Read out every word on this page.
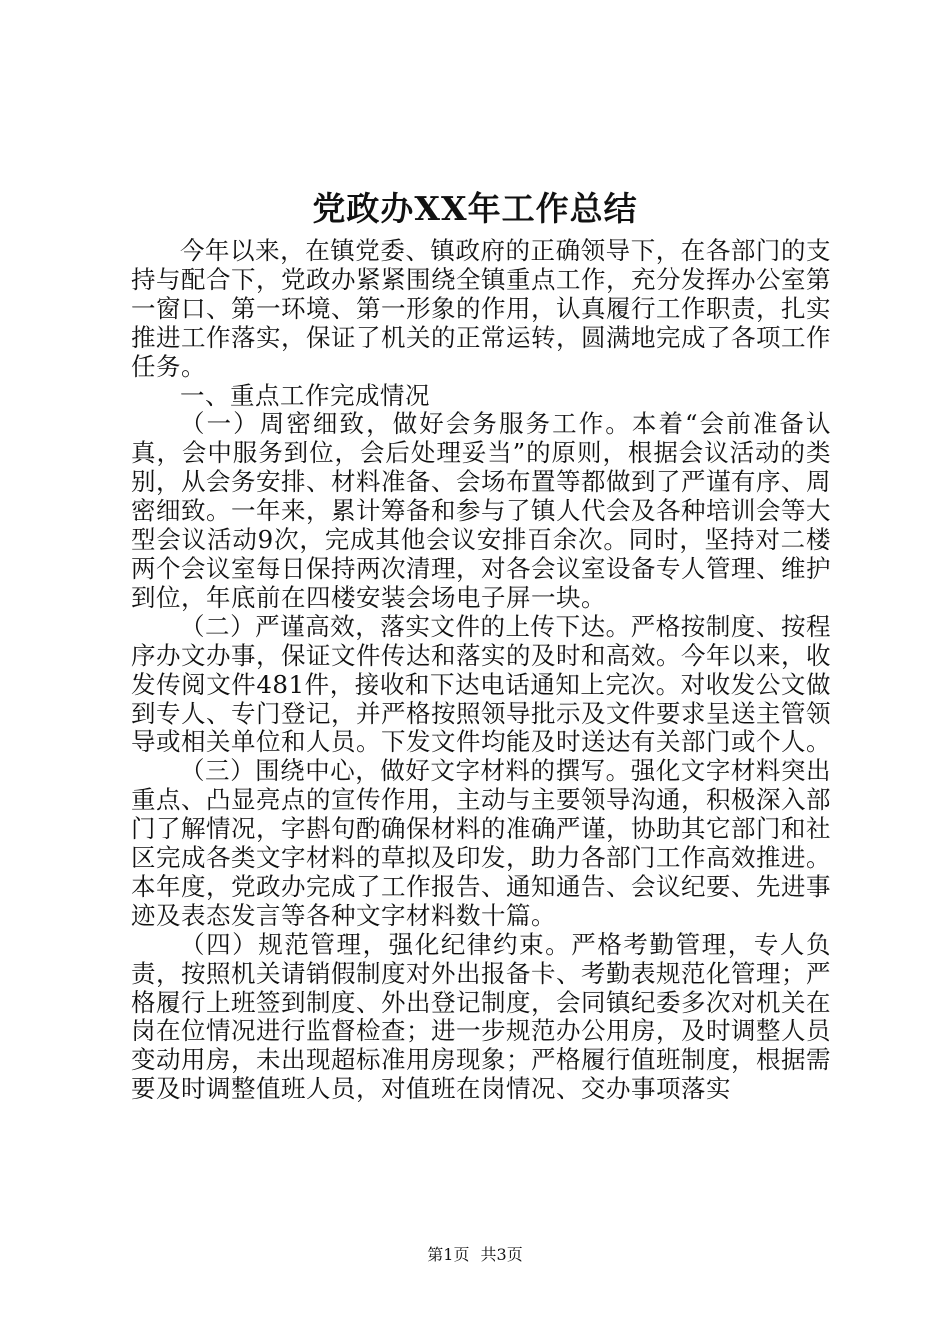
党政办XX年工作总结

今年以来，在镇党委、镇政府的正确领导下，在各部门的支持与配合下，党政办紧紧围绕全镇重点工作，充分发挥办公室第一窗口、第一环境、第一形象的作用，认真履行工作职责，扎实推进工作落实，保证了机关的正常运转，圆满地完成了各项工作任务。

一、重点工作完成情况

（一）周密细致，做好会务服务工作。本着“会前准备认真，会中服务到位，会后处理妥当”的原则，根据会议活动的类别，从会务安排、材料准备、会场布置等都做到了严谨有序、周密细致。一年来，累计筹备和参与了镇人代会及各种培训会等大型会议活动9次，完成其他会议安排百余次。同时，坚持对二楼两个会议室每日保持两次清理，对各会议室设备专人管理、维护到位，年底前在四楼安装会场电子屏一块。

（二）严谨高效，落实文件的上传下达。严格按制度、按程序办文办事，保证文件传达和落实的及时和高效。今年以来，收发传阅文件481件，接收和下达电话通知上完次。对收发公文做到专人、专门登记，并严格按照领导批示及文件要求呈送主管领导或相关单位和人员。下发文件均能及时送达有关部门或个人。

（三）围绕中心，做好文字材料的撰写。强化文字材料突出重点、凸显亮点的宣传作用，主动与主要领导沟通，积极深入部门了解情况，字斟句酌确保材料的准确严谨，协助其它部门和社区完成各类文字材料的草拟及印发，助力各部门工作高效推进。本年度，党政办完成了工作报告、通知通告、会议纪要、先进事迹及表态发言等各种文字材料数十篇。

（四）规范管理，强化纪律约束。严格考勤管理，专人负责，按照机关请销假制度对外出报备卡、考勤表规范化管理；严格履行上班签到制度、外出登记制度，会同镇纪委多次对机关在岗在位情况进行监督检查；进一步规范办公用房，及时调整人员变动用房，未出现超标准用房现象；严格履行值班制度，根据需要及时调整值班人员，对值班在岗情况、交办事项落实

第1页 共3页
